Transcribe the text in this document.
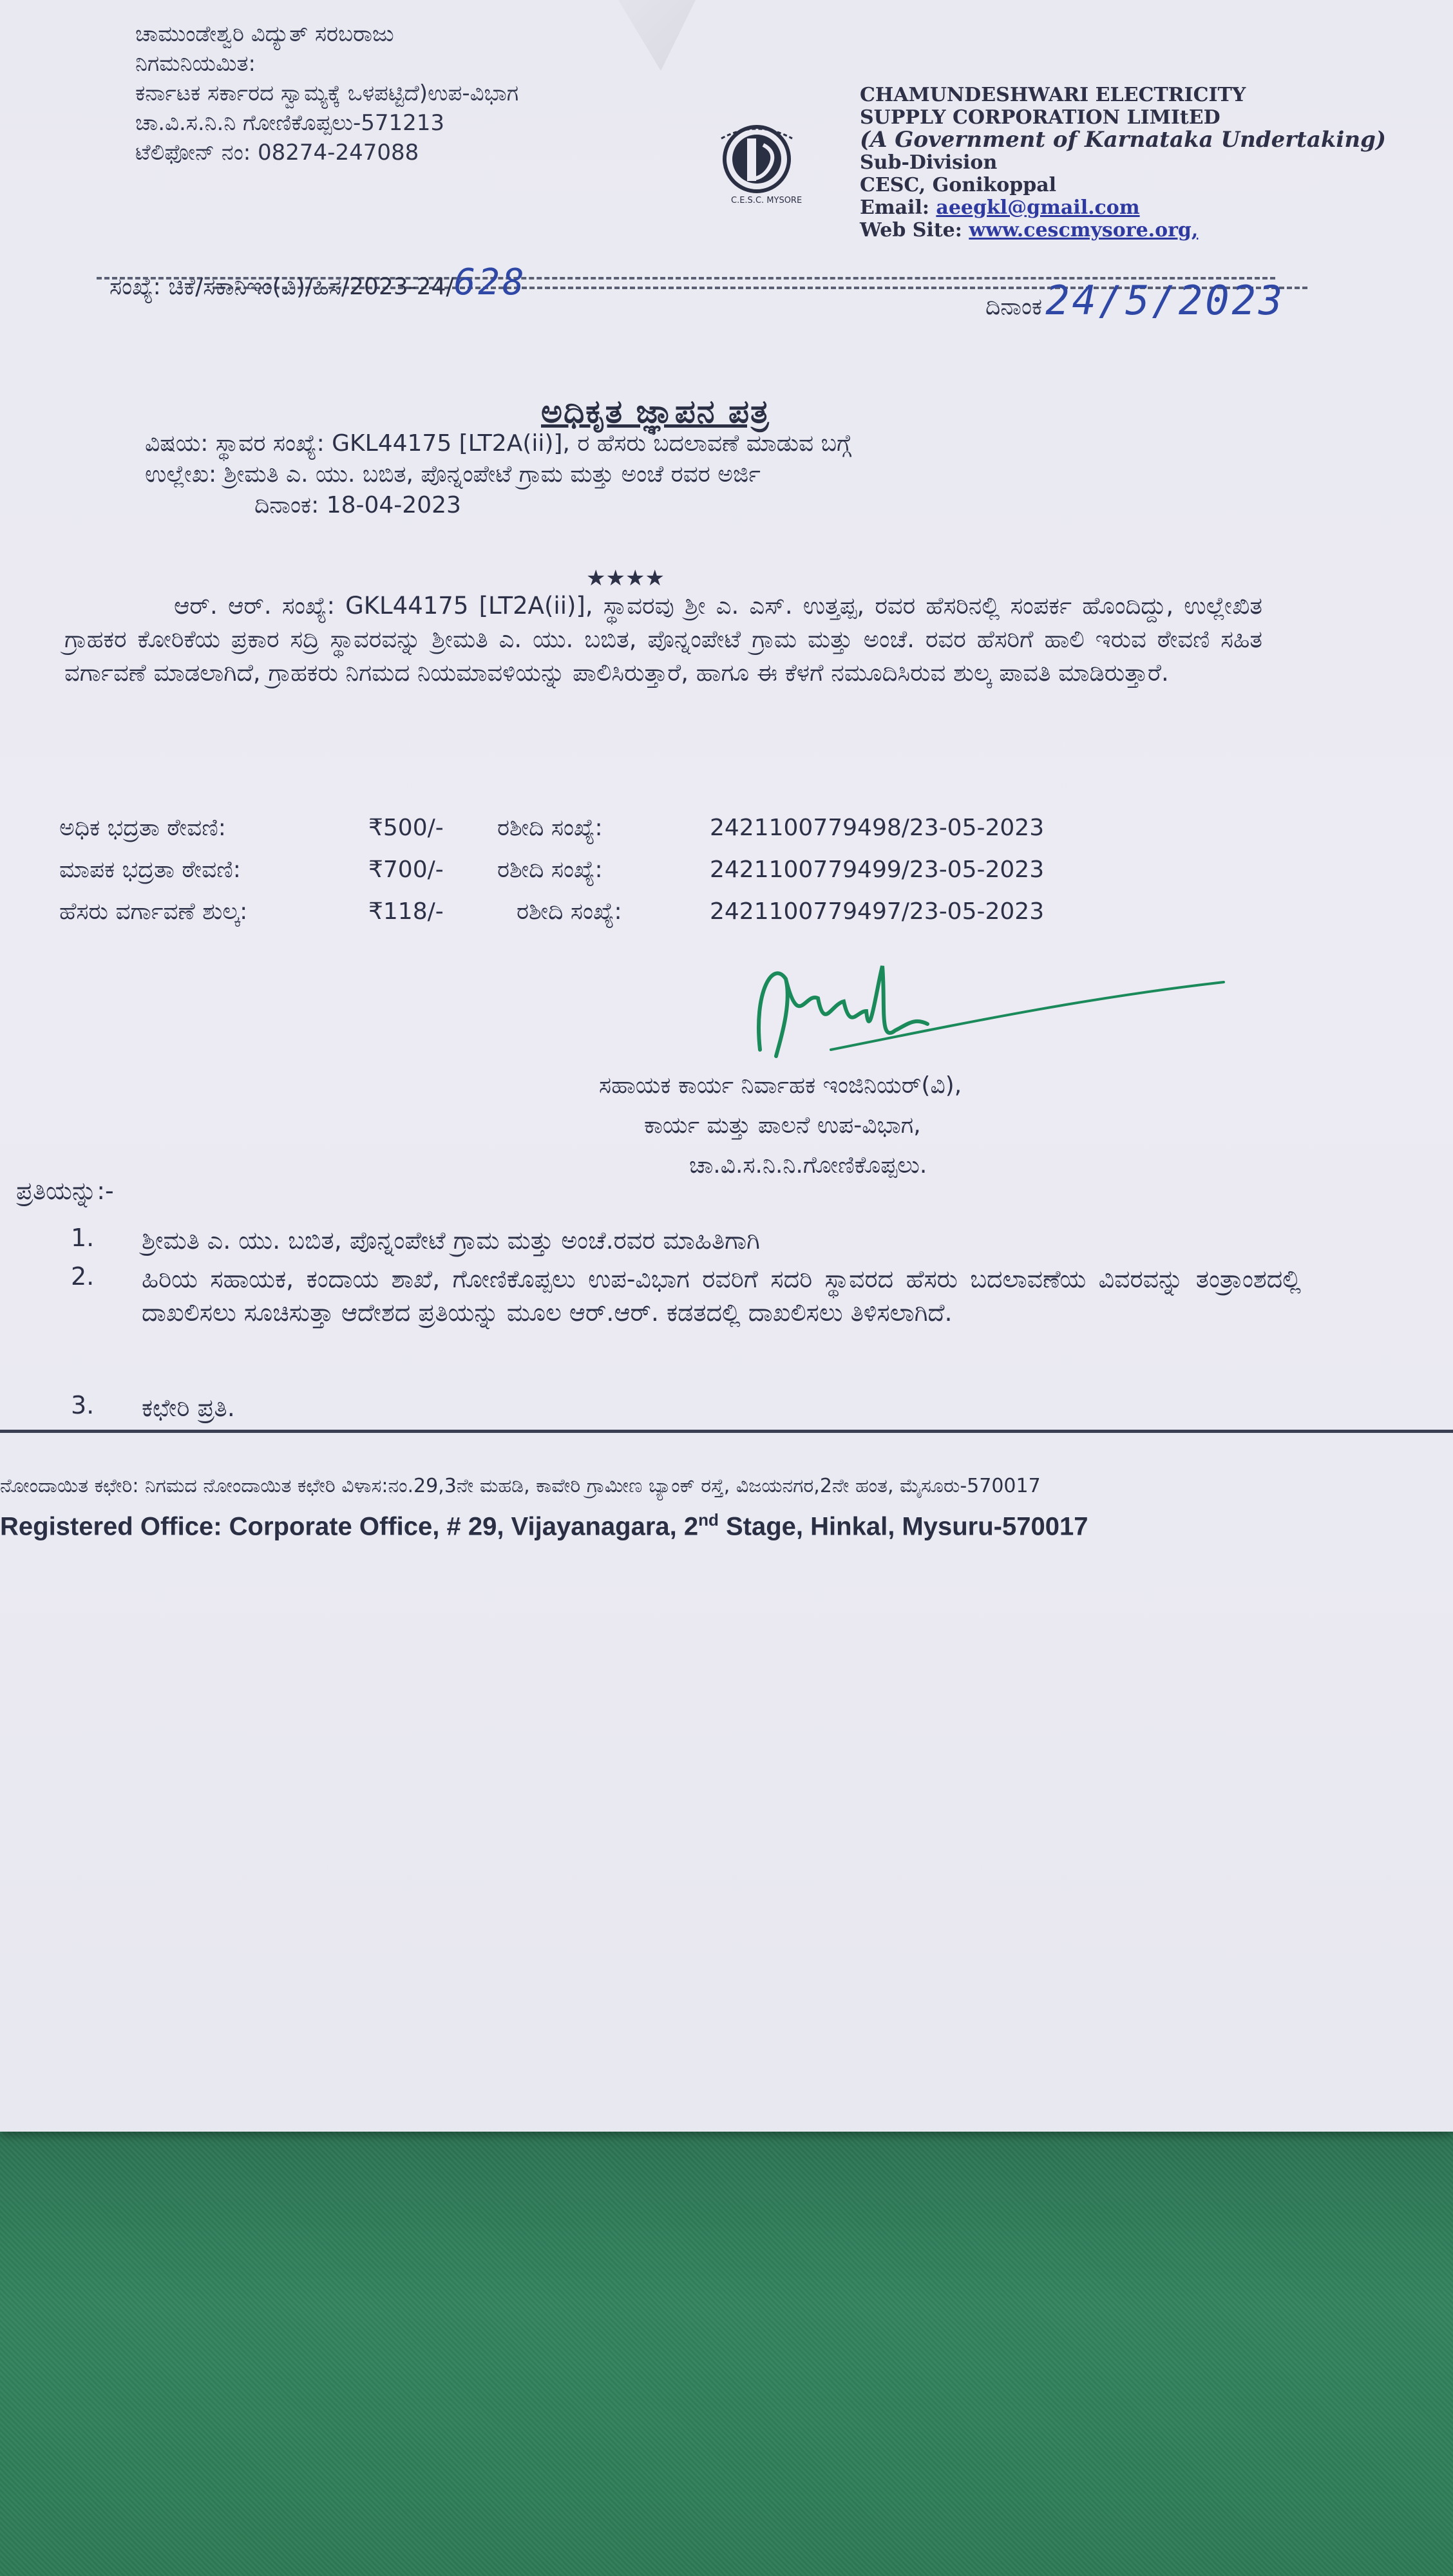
ಚಾಮುಂಡೇಶ್ವರಿ ವಿದ್ಯುತ್ ಸರಬರಾಜು
ನಿಗಮನಿಯಮಿತ:
ಕರ್ನಾಟಕ ಸರ್ಕಾರದ ಸ್ವಾಮ್ಯಕ್ಕೆ ಒಳಪಟ್ಟಿದೆ)ಉಪ-ವಿಭಾಗ
ಚಾ.ವಿ.ಸ.ನಿ.ನಿ ಗೋಣಿಕೊಪ್ಪಲು-571213
ಟೆಲಿಫೋನ್ ನಂ: 08274-247088
C.E.S.C. MYSORE
CHAMUNDESHWARI ELECTRICITY
SUPPLY CORPORATION LIMItED
(A Government of Karnataka Undertaking)
Sub-Division
CESC, Gonikoppal
Email: aeegkl@gmail.com
Web Site: www.cescmysore.org,
ಸಂಖ್ಯೆ: ಚಿಕೆ/ಸಕಾನಿಇಂ(ವಿ)/ಹಿಸ/2023-24/628
ದಿನಾಂಕ 24/5/2023
ಅಧಿಕೃತ ಜ್ಞಾಪನ ಪತ್ರ
ವಿಷಯ: ಸ್ಥಾವರ ಸಂಖ್ಯೆ: GKL44175 [LT2A(ii)], ರ ಹೆಸರು ಬದಲಾವಣೆ ಮಾಡುವ ಬಗ್ಗೆ
ಉಲ್ಲೇಖ: ಶ್ರೀಮತಿ ಎ. ಯು. ಬಬಿತ, ಪೊನ್ನಂಪೇಟೆ ಗ್ರಾಮ ಮತ್ತು ಅಂಚೆ ರವರ ಅರ್ಜಿ
ದಿನಾಂಕ: 18-04-2023
★★★★
ಆರ್. ಆರ್. ಸಂಖ್ಯೆ: GKL44175 [LT2A(ii)], ಸ್ಥಾವರವು ಶ್ರೀ ಎ. ಎಸ್. ಉತ್ತಪ್ಪ, ರವರ ಹೆಸರಿನಲ್ಲಿ ಸಂಪರ್ಕ ಹೊಂದಿದ್ದು, ಉಲ್ಲೇಖಿತ ಗ್ರಾಹಕರ ಕೋರಿಕೆಯ ಪ್ರಕಾರ ಸದ್ರಿ ಸ್ಥಾವರವನ್ನು ಶ್ರೀಮತಿ ಎ. ಯು. ಬಬಿತ, ಪೊನ್ನಂಪೇಟೆ ಗ್ರಾಮ ಮತ್ತು ಅಂಚೆ. ರವರ ಹೆಸರಿಗೆ ಹಾಲಿ ಇರುವ ಠೇವಣಿ ಸಹಿತ ವರ್ಗಾವಣೆ ಮಾಡಲಾಗಿದೆ, ಗ್ರಾಹಕರು ನಿಗಮದ ನಿಯಮಾವಳಿಯನ್ನು ಪಾಲಿಸಿರುತ್ತಾರೆ, ಹಾಗೂ ಈ ಕೆಳಗೆ ನಮೂದಿಸಿರುವ ಶುಲ್ಕ ಪಾವತಿ ಮಾಡಿರುತ್ತಾರೆ.
ಅಧಿಕ ಭದ್ರತಾ ಠೇವಣಿ:	₹500/- ರಶೀದಿ ಸಂಖ್ಯೆ:	2421100779498/23-05-2023
ಮಾಪಕ ಭದ್ರತಾ ಠೇವಣಿ:	₹700/- ರಶೀದಿ ಸಂಖ್ಯೆ:	2421100779499/23-05-2023
ಹೆಸರು ವರ್ಗಾವಣೆ ಶುಲ್ಕ:	₹118/-	ರಶೀದಿ ಸಂಖ್ಯೆ:	2421100779497/23-05-2023
ಸಹಾಯಕ ಕಾರ್ಯ ನಿರ್ವಾಹಕ ಇಂಜಿನಿಯರ್(ವಿ),
ಕಾರ್ಯ ಮತ್ತು ಪಾಲನೆ ಉಪ-ವಿಭಾಗ,
ಚಾ.ವಿ.ಸ.ನಿ.ನಿ.ಗೋಣಿಕೊಪ್ಪಲು.
ಪ್ರತಿಯನ್ನು:-
1.	ಶ್ರೀಮತಿ ಎ. ಯು. ಬಬಿತ, ಪೊನ್ನಂಪೇಟೆ ಗ್ರಾಮ ಮತ್ತು ಅಂಚೆ.ರವರ ಮಾಹಿತಿಗಾಗಿ
2.	ಹಿರಿಯ ಸಹಾಯಕ, ಕಂದಾಯ ಶಾಖೆ, ಗೋಣಿಕೊಪ್ಪಲು ಉಪ-ವಿಭಾಗ ರವರಿಗೆ ಸದರಿ ಸ್ಥಾವರದ ಹೆಸರು ಬದಲಾವಣೆಯ ವಿವರವನ್ನು ತಂತ್ರಾಂಶದಲ್ಲಿ ದಾಖಲಿಸಲು ಸೂಚಿಸುತ್ತಾ ಆದೇಶದ ಪ್ರತಿಯನ್ನು ಮೂಲ ಆರ್.ಆರ್. ಕಡತದಲ್ಲಿ ದಾಖಲಿಸಲು ತಿಳಿಸಲಾಗಿದೆ.
3.	ಕಛೇರಿ ಪ್ರತಿ.
ನೋಂದಾಯಿತ ಕಛೇರಿ: ನಿಗಮದ ನೋಂದಾಯಿತ ಕಛೇರಿ ವಿಳಾಸ:ನಂ.29,3ನೇ ಮಹಡಿ, ಕಾವೇರಿ ಗ್ರಾಮೀಣ ಬ್ಯಾಂಕ್ ರಸ್ತೆ, ವಿಜಯನಗರ,2ನೇ ಹಂತ, ಮೈಸೂರು-570017
Registered Office: Corporate Office, # 29, Vijayanagara, 2nd Stage, Hinkal, Mysuru-570017
